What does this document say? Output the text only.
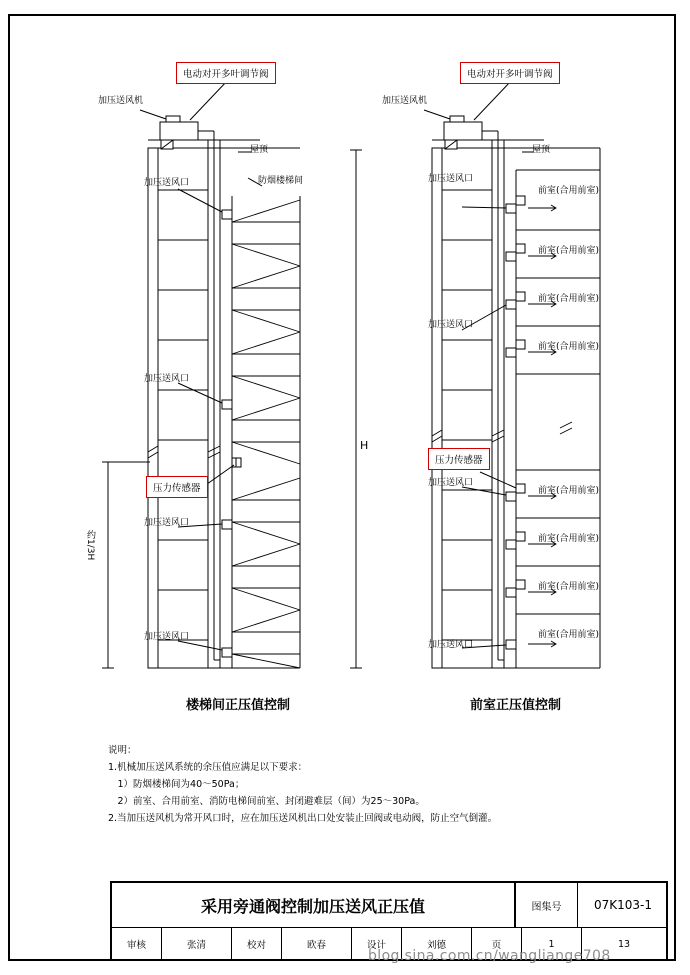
电动对开多叶调节阀
加压送风机
屋顶
防烟楼梯间
加压送风口
加压送风口
加压送风口
加压送风口
压力传感器
H
约1/3H
楼梯间正压值控制
电动对开多叶调节阀
加压送风机
屋顶
加压送风口
加压送风口
加压送风口
加压送风口
压力传感器
前室(合用前室)
前室(合用前室)
前室(合用前室)
前室(合用前室)
前室(合用前室)
前室(合用前室)
前室(合用前室)
前室(合用前室)
前室正压值控制
说明：
1.机械加压送风系统的余压值应满足以下要求：
　1）防烟楼梯间为40～50Pa；
　2）前室、合用前室、消防电梯间前室、封闭避难层（间）为25～30Pa。
2.当加压送风机为常开风口时，应在加压送风机出口处安装止回阀或电动阀，防止空气倒灌。
采用旁通阀控制加压送风正压值	图集号	07K103-1
审核	张清	校对	欧春	设计	刘德	页	1	13
blog.sina.com.cn/wangliange708
